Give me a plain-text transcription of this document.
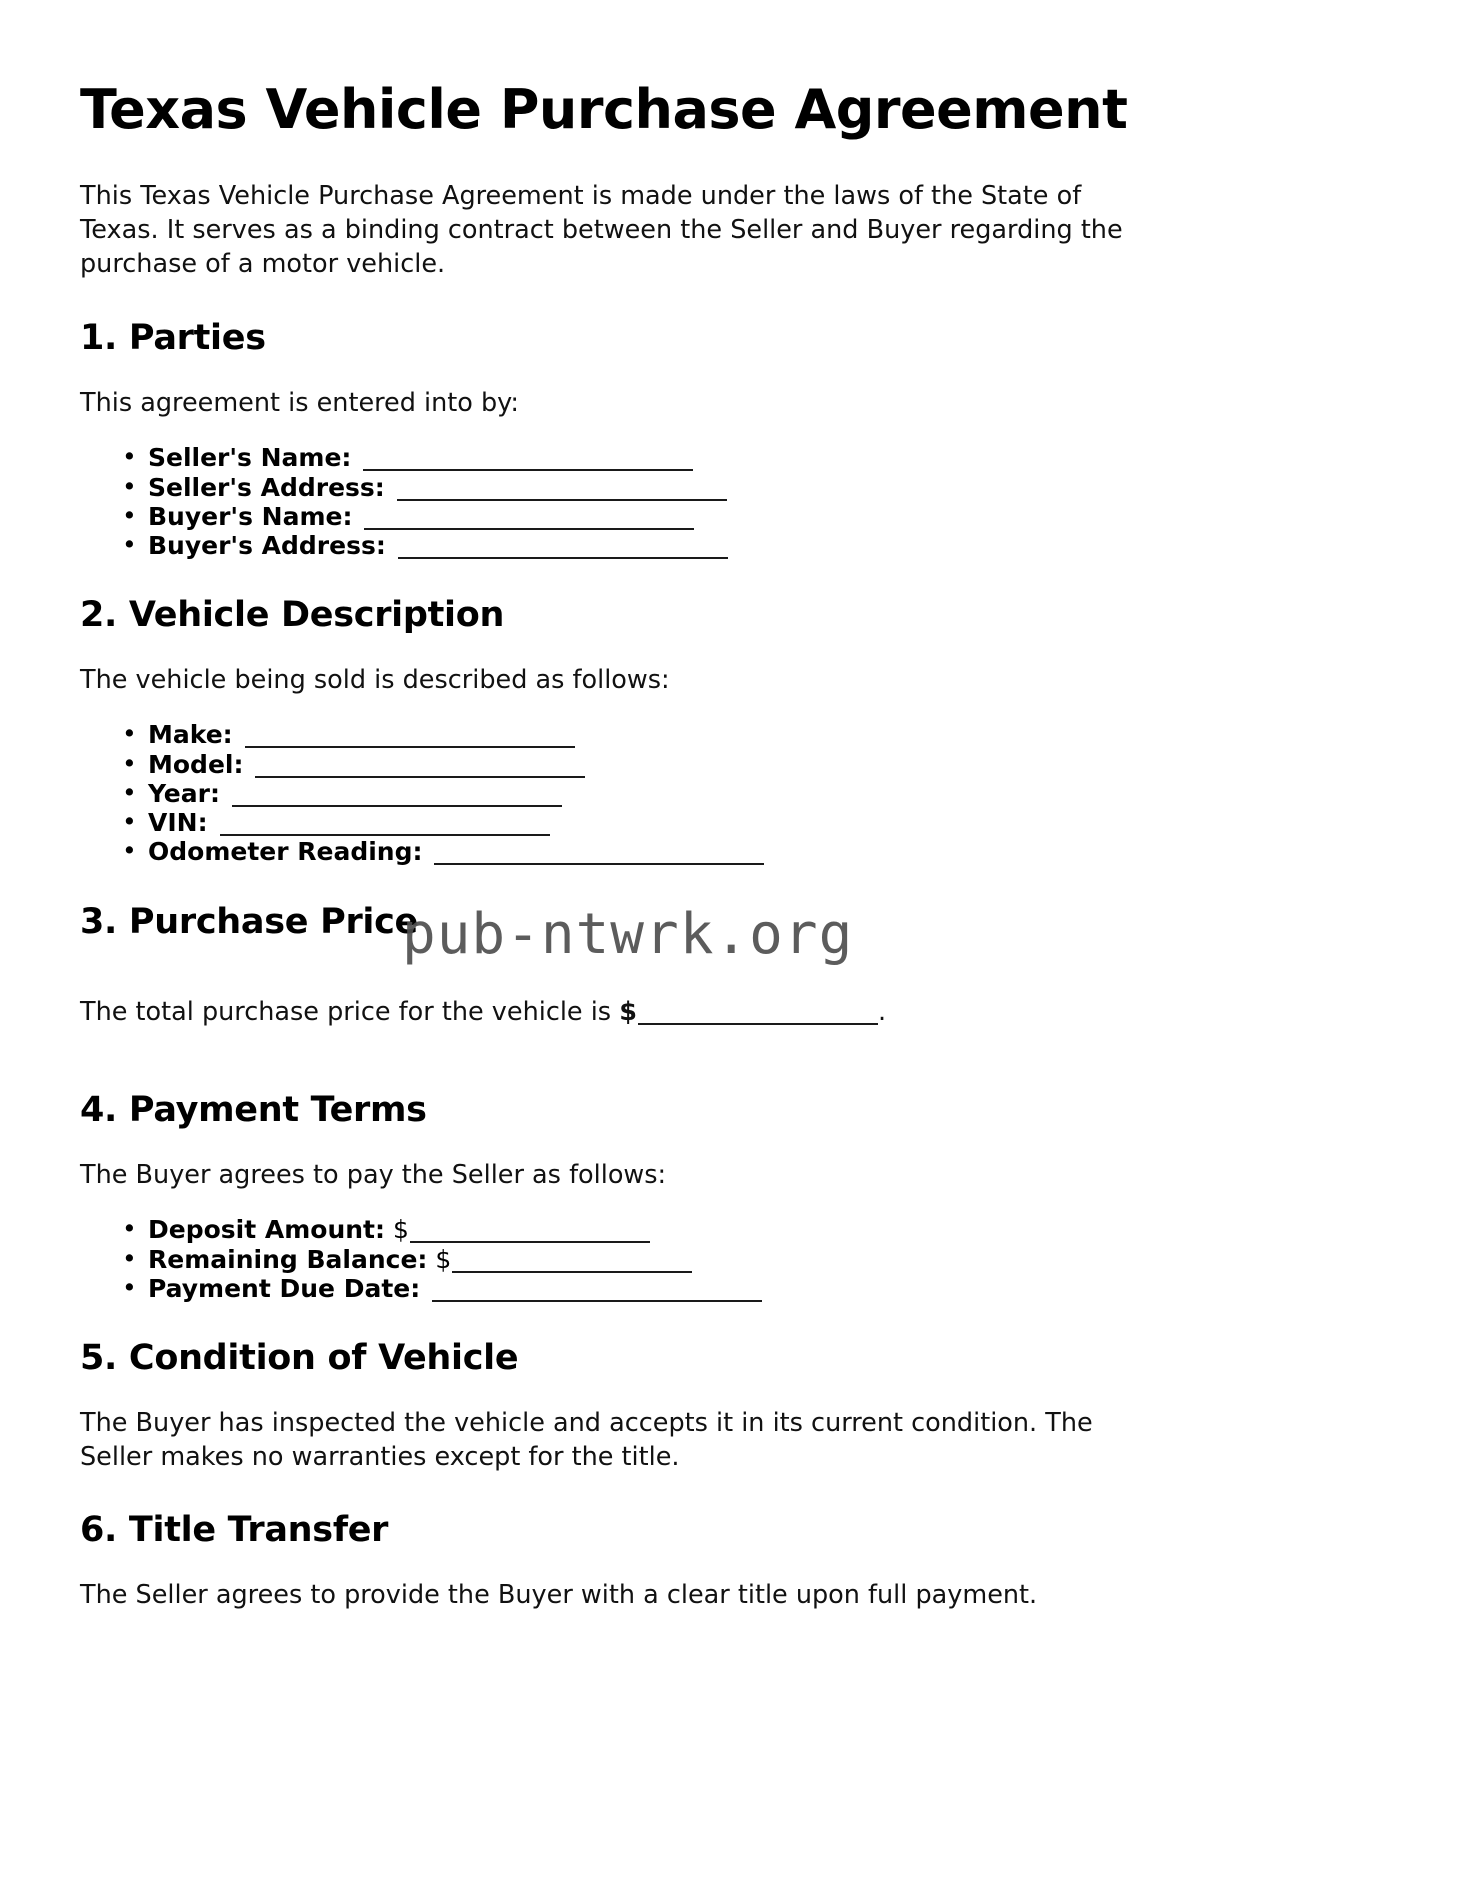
Texas Vehicle Purchase Agreement

This Texas Vehicle Purchase Agreement is made under the laws of the State of Texas. It serves as a binding contract between the Seller and Buyer regarding the purchase of a motor vehicle.

1. Parties

This agreement is entered into by:

• Seller's Name:
• Seller's Address:
• Buyer's Name:
• Buyer's Address:
2. Vehicle Description

The vehicle being sold is described as follows:

• Make:
• Model:
• Year:
• VIN:
• Odometer Reading:
3. Purchase Price

The total purchase price for the vehicle is $	.

4. Payment Terms

The Buyer agrees to pay the Seller as follows:

• Deposit Amount: $
• Remaining Balance: $
• Payment Due Date:
5. Condition of Vehicle

The Buyer has inspected the vehicle and accepts it in its current condition. The Seller makes no warranties except for the title.

6. Title Transfer

The Seller agrees to provide the Buyer with a clear title upon full payment.

pub-ntwrk.org
